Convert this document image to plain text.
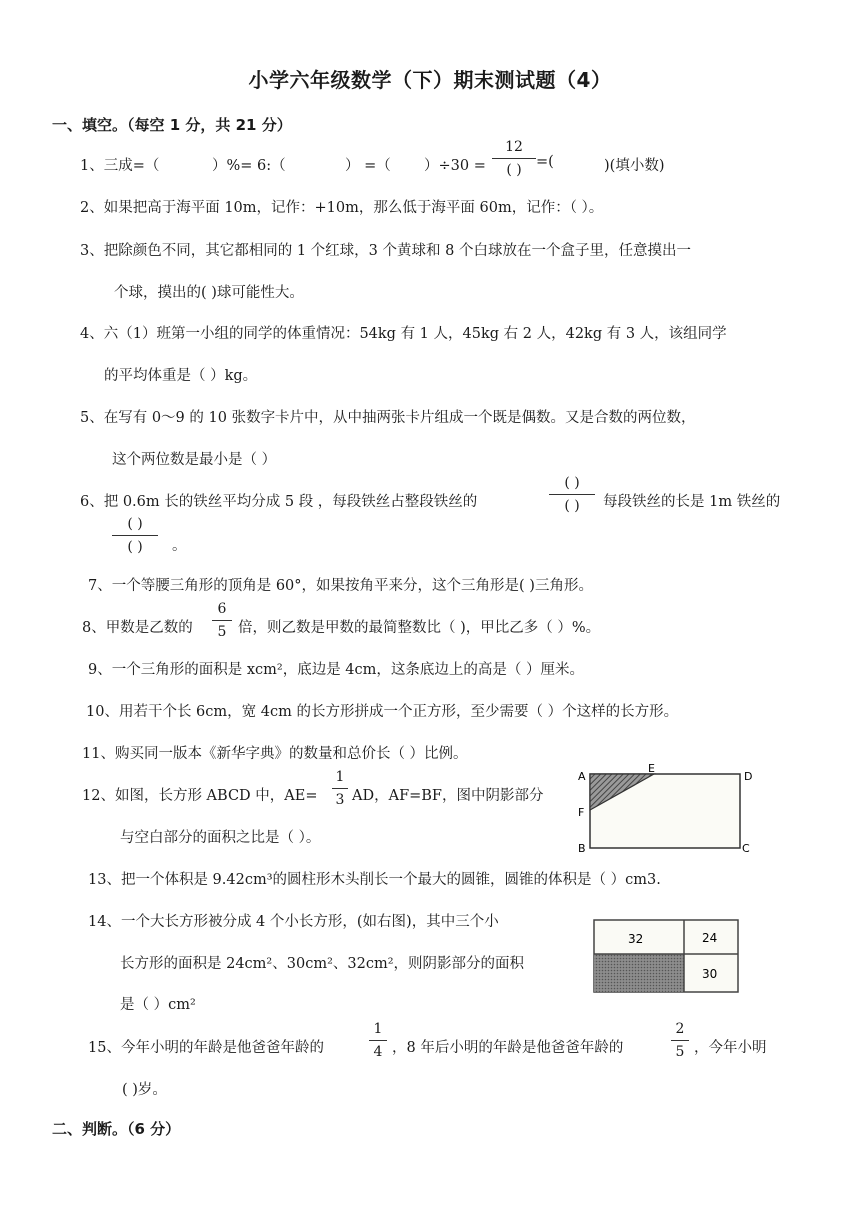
小学六年级数学（下）期末测试题（4）
一、填空。（每空 1 分，共 21 分）
1、三成=（	）%= 6:（	） =（ ）÷30 =
12
( ) =(	)(填小数)
2、如果把高于海平面 10m，记作：+10m，那么低于海平面 60m，记作：（ ）。
3、把除颜色不同，其它都相同的 1 个红球，3 个黄球和 8 个白球放在一个盒子里，任意摸出一
个球，摸出的( )球可能性大。
4、六（1）班第一小组的同学的体重情况：54kg 有 1 人，45kg 右 2 人，42kg 有 3 人，该组同学
的平均体重是（ ）kg。
5、在写有 0～9 的 10 张数字卡片中，从中抽两张卡片组成一个既是偶数。又是合数的两位数，
这个两位数是最小是（ ）
6、把 0.6m 长的铁丝平均分成 5 段 ，每段铁丝占整段铁丝的
( )
( )	每段铁丝的长是 1m 铁丝的
( )
( )	。
7、一个等腰三角形的顶角是 60°，如果按角平来分，这个三角形是( )三角形。
8、甲数是乙数的
6
5 倍，则乙数是甲数的最简整数比（ )，甲比乙多（ ）%。
9、一个三角形的面积是 xcm²，底边是 4cm，这条底边上的高是（ ）厘米。
10、用若干个长 6cm，宽 4cm 的长方形拼成一个正方形，至少需要（ ）个这样的长方形。
11、购买同一版本《新华字典》的数量和总价长（ ）比例。
12、如图，长方形 ABCD 中，AE=
1
3 AD，AF=BF，图中阴影部分
与空白部分的面积之比是（ ）。
A
E
D
F
B	C
13、把一个体积是 9.42cm³的圆柱形木头削长一个最大的圆锥，圆锥的体积是（ ）cm3.
14、一个大长方形被分成 4 个小长方形，(如右图)，其中三个小
长方形的面积是 24cm²、30cm²、32cm²，则阴影部分的面积
是（ ）cm²
32	24
30
15、今年小明的年龄是他爸爸年龄的
1
4 ，8 年后小明的年龄是他爸爸年龄的
2
5 ，今年小明
( )岁。
二、判断。（6 分）
